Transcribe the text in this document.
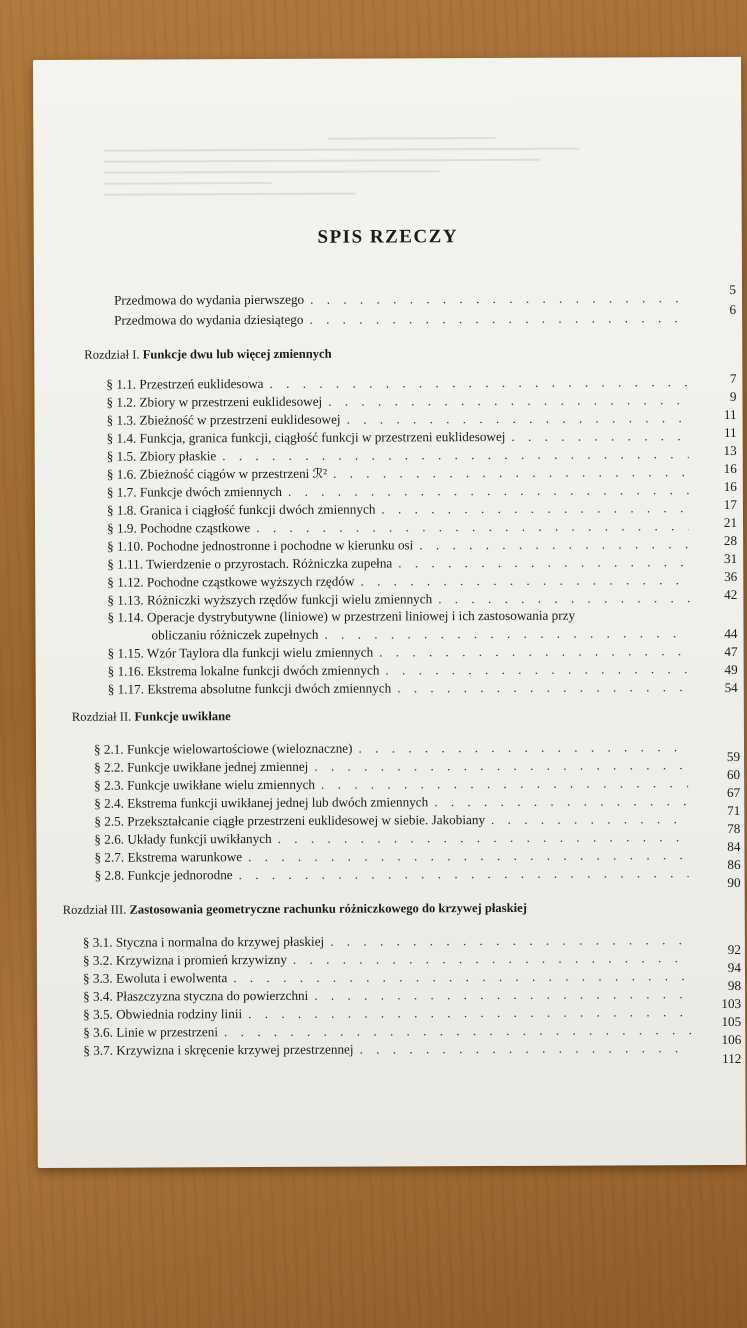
SPIS RZECZY
Przedmowa do wydania pierwszego
. . .
5
Przedmowa do wydania dziesiątego
. . .
6
Rozdział I. Funkcje dwu lub więcej zmiennych
§ 1.1. Przestrzeń euklidesowa
. . .
§ 1.2. Zbiory w przestrzeni euklidesowej
. . .
§ 1.3. Zbieżność w przestrzeni euklidesowej
. . .
§ 1.4. Funkcja, granica funkcji, ciągłość funkcji w przestrzeni euklidesowej
. . .
§ 1.5. Zbiory płaskie
. . .
§ 1.6. Zbieżność ciągów w przestrzeni ℛ²
. . .
§ 1.7. Funkcje dwóch zmiennych
. . .
§ 1.8. Granica i ciągłość funkcji dwóch zmiennych
. . .
§ 1.9. Pochodne cząstkowe
. . .
§ 1.10. Pochodne jednostronne i pochodne w kierunku osi
. . .
§ 1.11. Twierdzenie o przyrostach. Różniczka zupełna
. . .
§ 1.12. Pochodne cząstkowe wyższych rzędów
. . .
§ 1.13. Różniczki wyższych rzędów funkcji wielu zmiennych
. . .
§ 1.14. Operacje dystrybutywne (liniowe) w przestrzeni liniowej i ich zastosowania przy
obliczaniu różniczek zupełnych
. . .
§ 1.15. Wzór Taylora dla funkcji wielu zmiennych
. . .
§ 1.16. Ekstrema lokalne funkcji dwóch zmiennych
. . .
§ 1.17. Ekstrema absolutne funkcji dwóch zmiennych
. . .
7
9
11
11
13
16
16
17
21
28
31
36
42
44
47
49
54
Rozdział II. Funkcje uwikłane
§ 2.1. Funkcje wielowartościowe (wieloznaczne)
. . .
§ 2.2. Funkcje uwikłane jednej zmiennej
. . .
§ 2.3. Funkcje uwikłane wielu zmiennych
. . .
§ 2.4. Ekstrema funkcji uwikłanej jednej lub dwóch zmiennych
. . .
§ 2.5. Przekształcanie ciągłe przestrzeni euklidesowej w siebie. Jakobiany
. . .
§ 2.6. Układy funkcji uwikłanych
. . .
§ 2.7. Ekstrema warunkowe
. . .
§ 2.8. Funkcje jednorodne
. . .
59
60
67
71
78
84
86
90
Rozdział III. Zastosowania geometryczne rachunku różniczkowego do krzywej płaskiej
§ 3.1. Styczna i normalna do krzywej płaskiej
. . .
§ 3.2. Krzywizna i promień krzywizny
. . .
§ 3.3. Ewoluta i ewolwenta
. . .
§ 3.4. Płaszczyzna styczna do powierzchni
. . .
§ 3.5. Obwiednia rodziny linii
. . .
§ 3.6. Linie w przestrzeni
. . .
§ 3.7. Krzywizna i skręcenie krzywej przestrzennej
. . .
92
94
98
103
105
106
112
